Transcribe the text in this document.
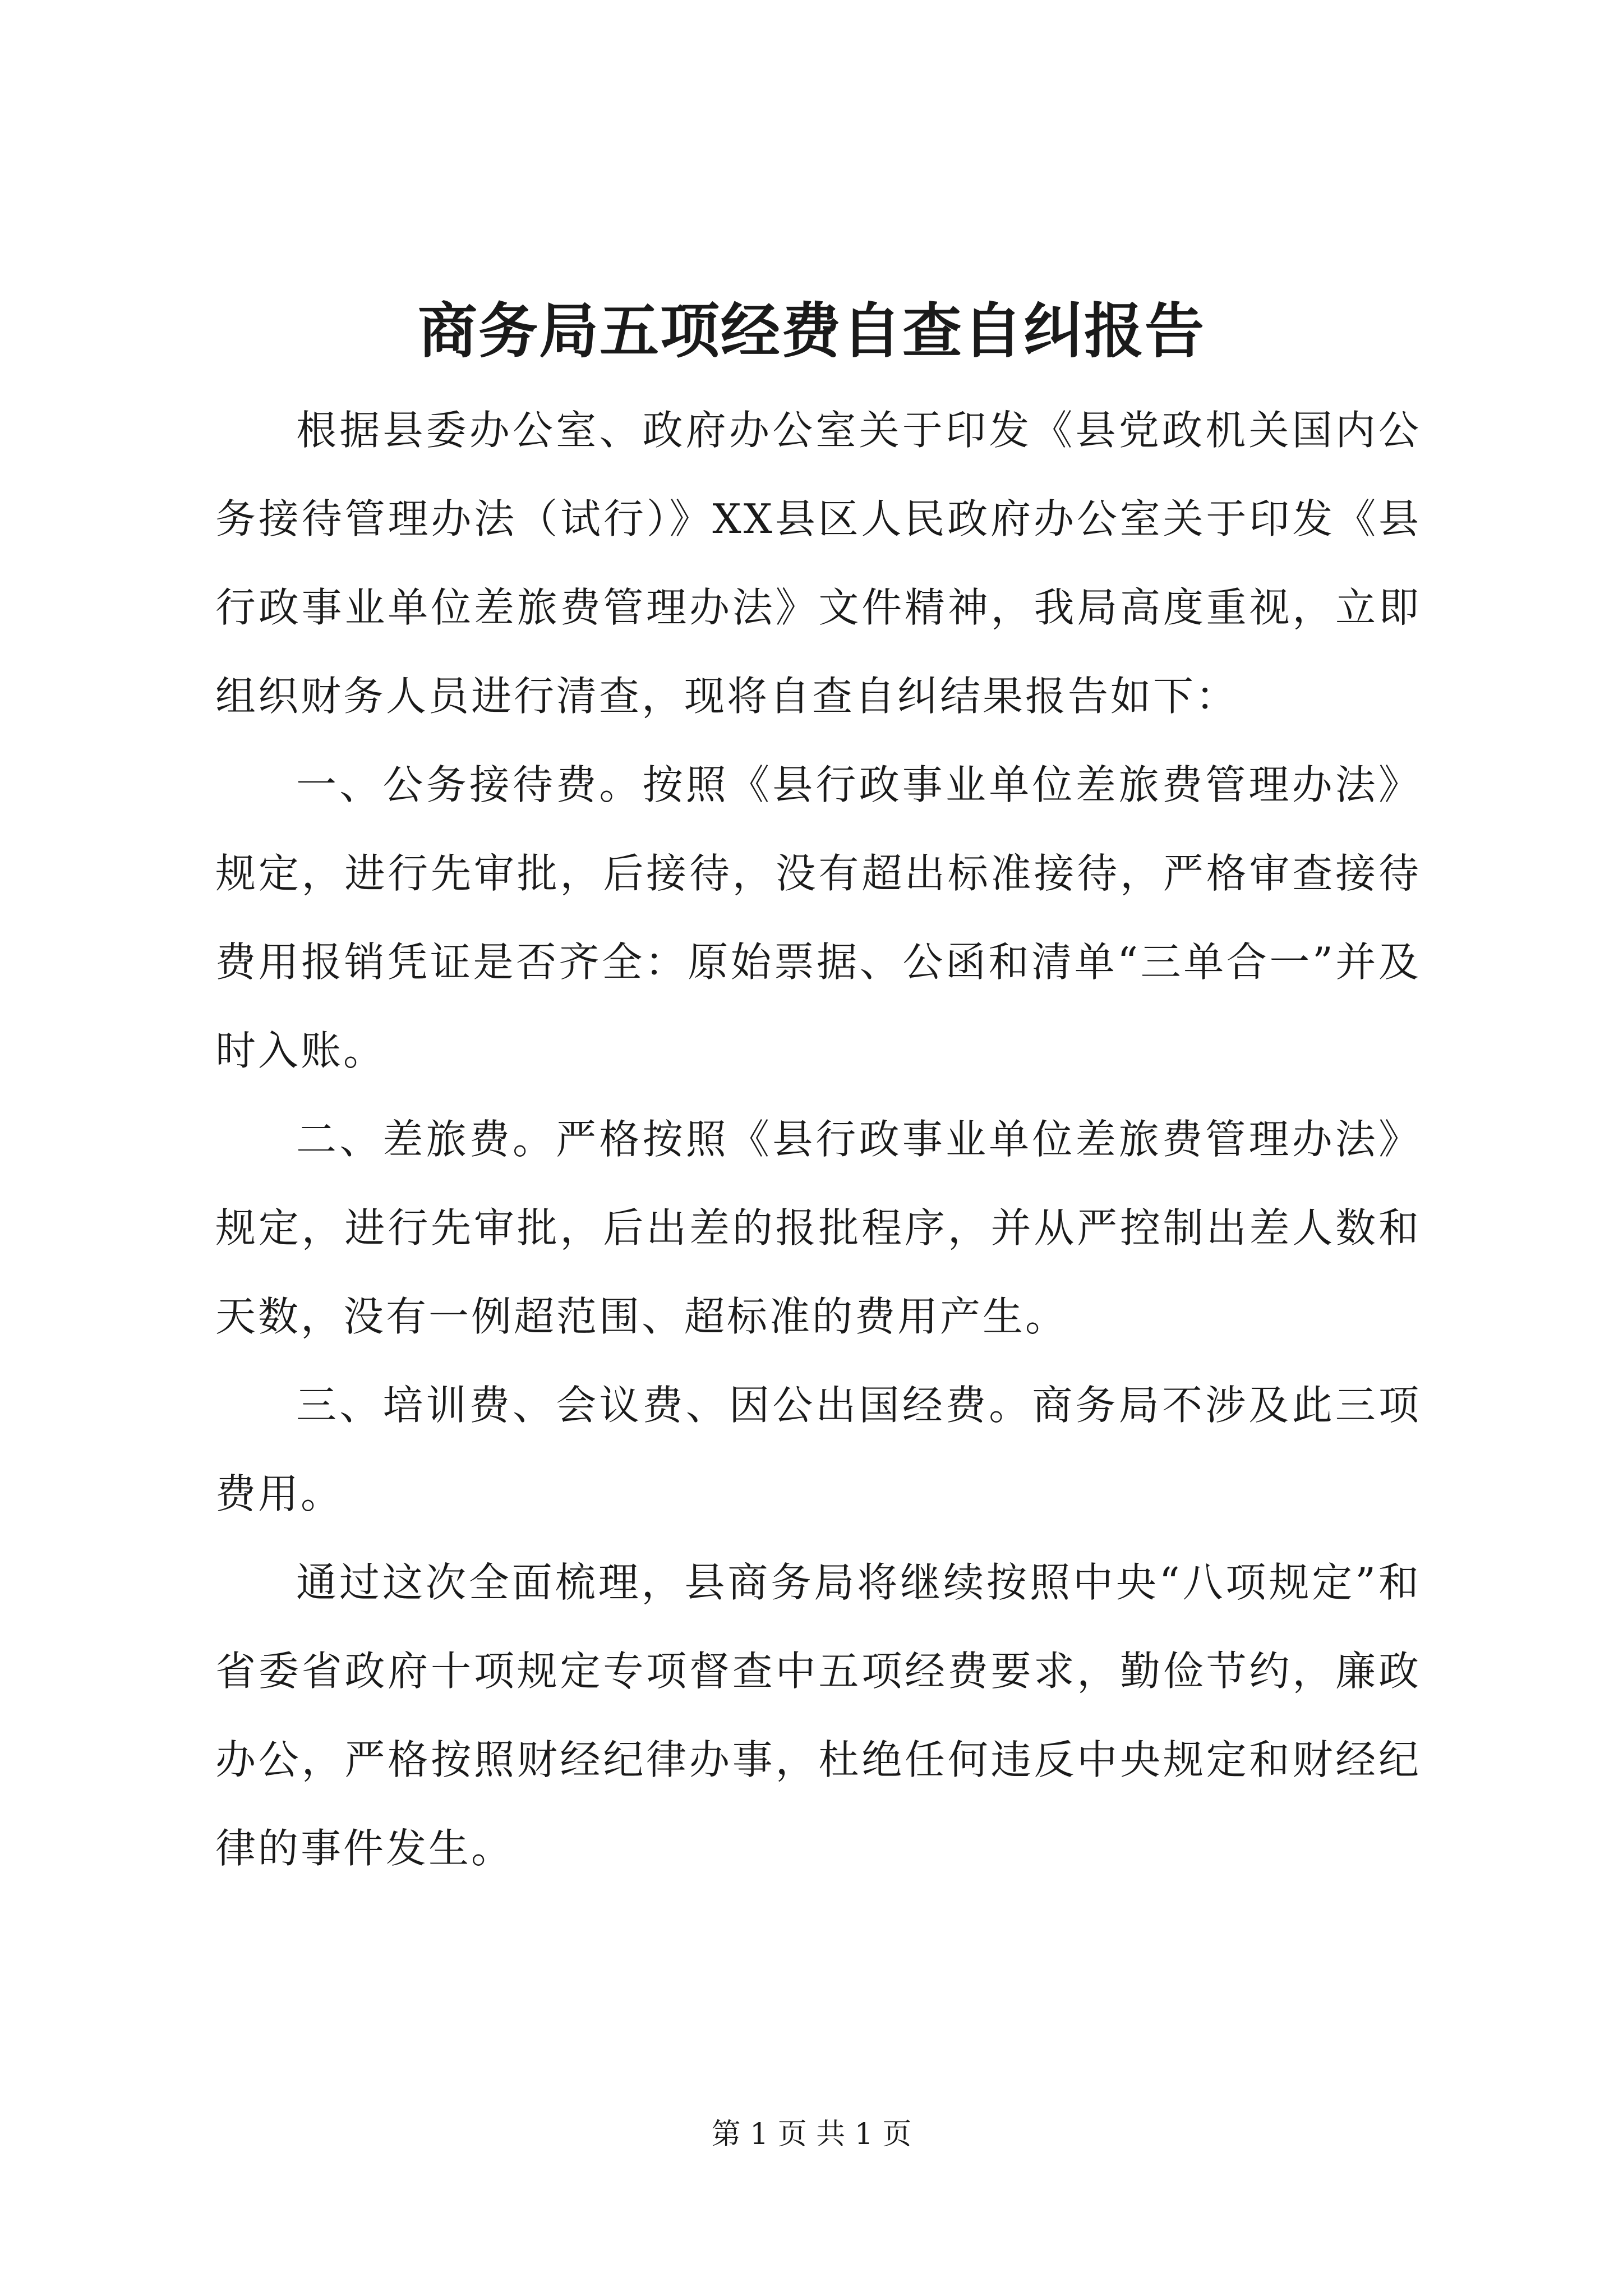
商务局五项经费自查自纠报告

根据县委办公室、政府办公室关于印发《县党政机关国内公务接待管理办法（试行）》XX县区人民政府办公室关于印发《县行政事业单位差旅费管理办法》文件精神，我局高度重视，立即组织财务人员进行清查，现将自查自纠结果报告如下：

一、公务接待费。按照《县行政事业单位差旅费管理办法》规定，进行先审批，后接待，没有超出标准接待，严格审查接待费用报销凭证是否齐全：原始票据、公函和清单“三单合一”并及时入账。

二、差旅费。严格按照《县行政事业单位差旅费管理办法》规定，进行先审批，后出差的报批程序，并从严控制出差人数和天数，没有一例超范围、超标准的费用产生。

三、培训费、会议费、因公出国经费。商务局不涉及此三项费用。

通过这次全面梳理，县商务局将继续按照中央“八项规定”和省委省政府十项规定专项督查中五项经费要求，勤俭节约，廉政办公，严格按照财经纪律办事，杜绝任何违反中央规定和财经纪律的事件发生。

第 1 页 共 1 页
